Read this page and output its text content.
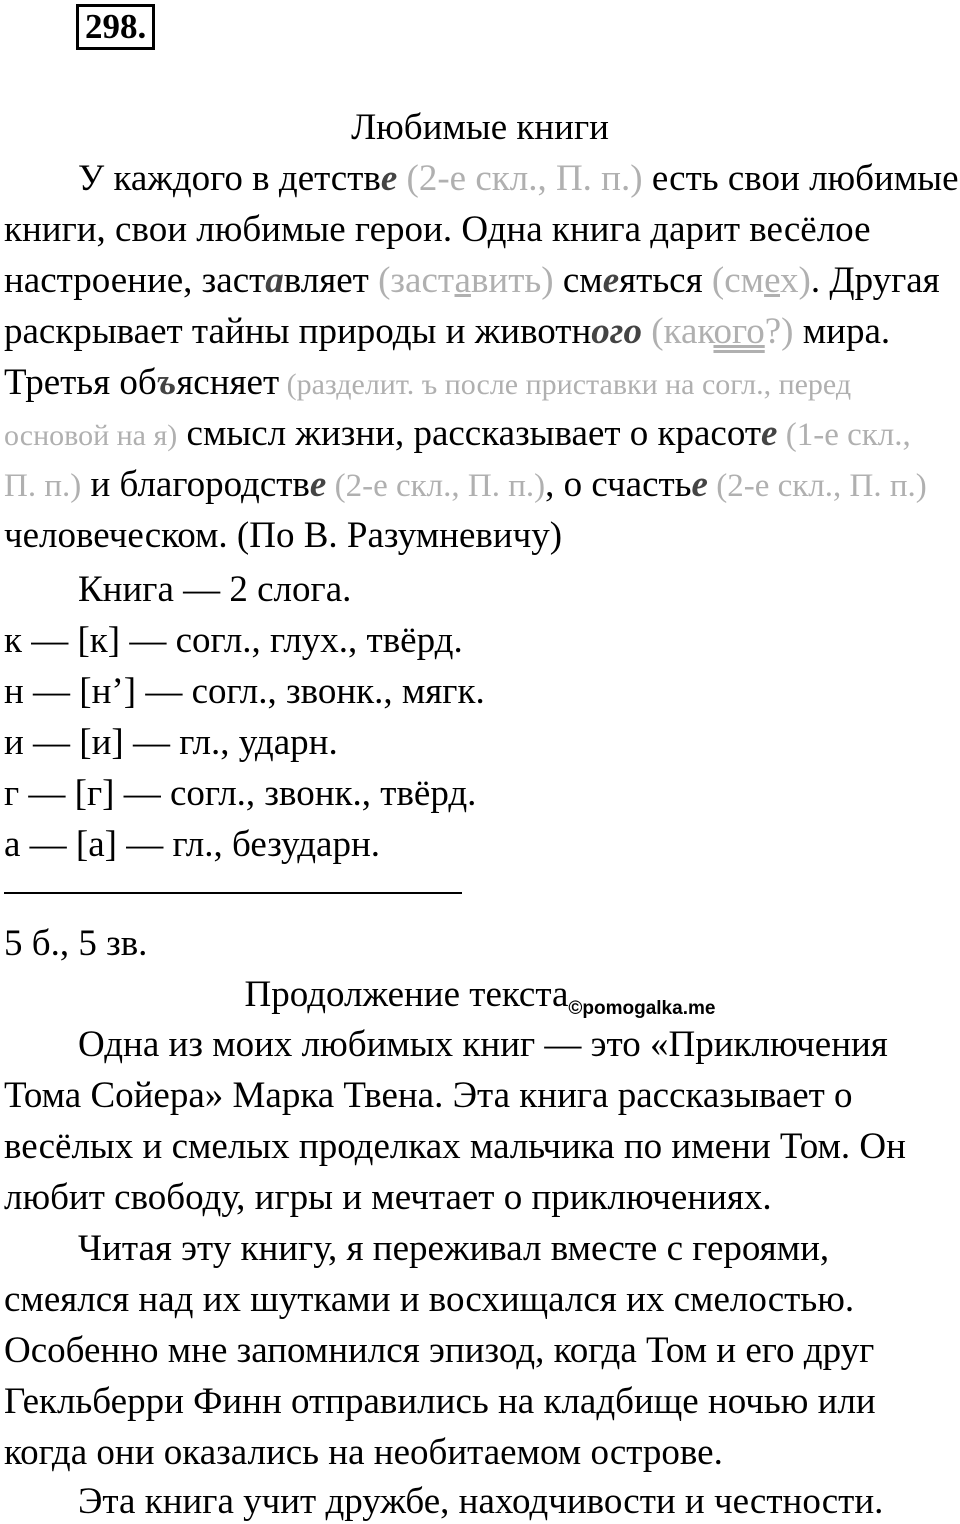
298.
Любимые книги
У каждого в детстве (2-е скл., П. п.) есть свои любимые
книги, свои любимые герои. Одна книга дарит весёлое
настроение, заставляет (заставить) смеяться (смех). Другая
раскрывает тайны природы и животного (какого?) мира.
Третья объясняет (разделит. ъ после приставки на согл., перед
основой на я) смысл жизни, рассказывает о красоте (1-е скл.,
П. п.) и благородстве (2-е скл., П. п.), о счастье (2-е скл., П. п.)
человеческом. (По В. Разумневичу)
Книга — 2 слога.
к — [к] — согл., глух., твёрд.
н — [н’] — согл., звонк., мягк.
и — [и] — гл., ударн.
г — [г] — согл., звонк., твёрд.
а — [а] — гл., безударн.
5 б., 5 зв.
Продолжение текста$_{©pomogalka.me}$
Одна из моих любимых книг — это «Приключения
Тома Сойера» Марка Твена. Эта книга рассказывает о
весёлых и смелых проделках мальчика по имени Том. Он
любит свободу, игры и мечтает о приключениях.
Читая эту книгу, я переживал вместе с героями,
смеялся над их шутками и восхищался их смелостью.
Особенно мне запомнился эпизод, когда Том и его друг
Гекльберри Финн отправились на кладбище ночью или
когда они оказались на необитаемом острове.
Эта книга учит дружбе, находчивости и честности.
